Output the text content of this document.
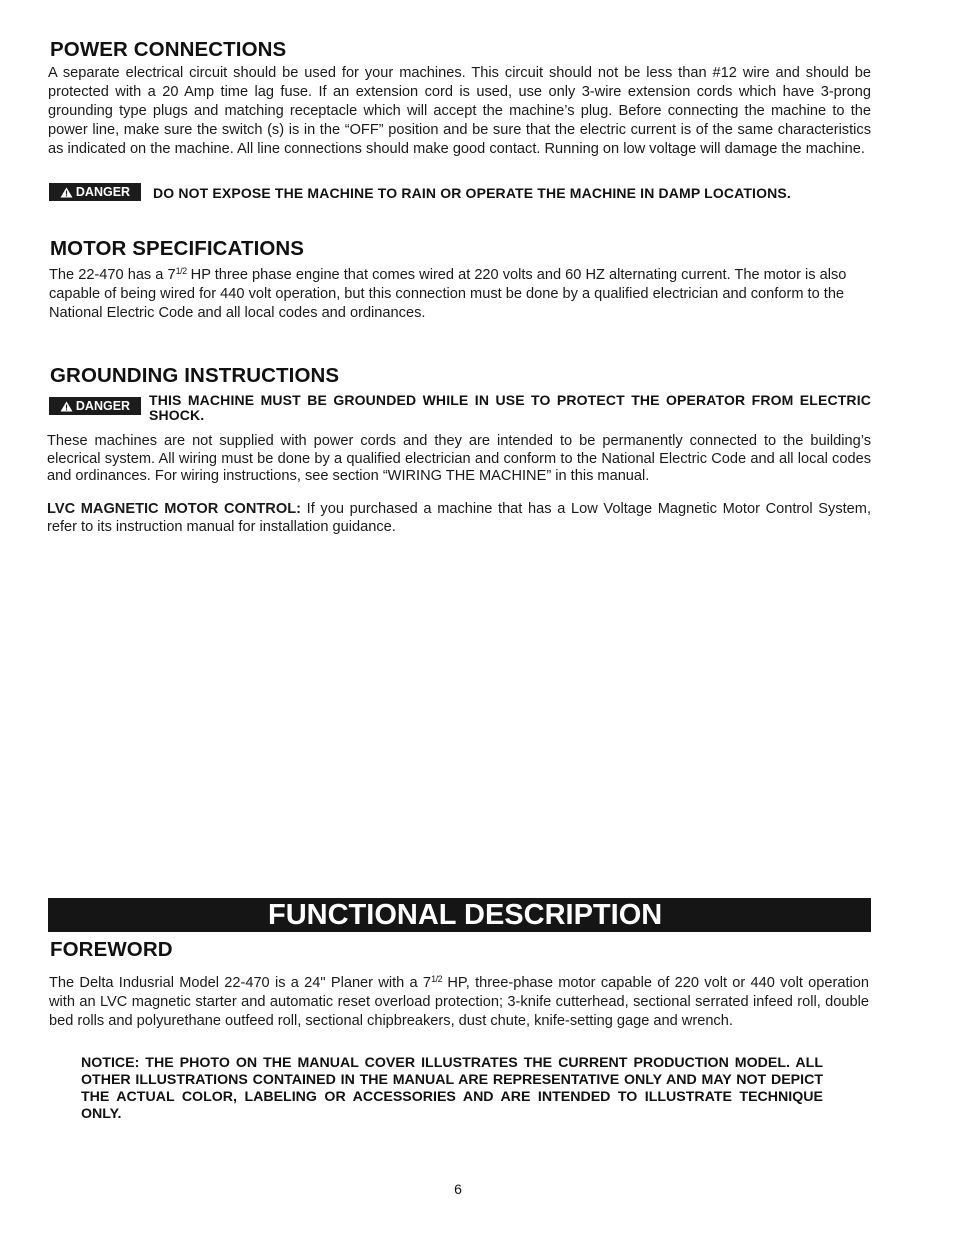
POWER CONNECTIONS

A separate electrical circuit should be used for your machines. This circuit should not be less than #12 wire and should be protected with a 20 Amp time lag fuse. If an extension cord is used, use only 3-wire extension cords which have 3-prong grounding type plugs and matching receptacle which will accept the machine’s plug. Before connecting the machine to the power line, make sure the switch (s) is in the “OFF” position and be sure that the electric current is of the same characteristics as indicated on the machine. All line connections should make good contact. Running on low voltage will damage the machine.

DANGER DO NOT EXPOSE THE MACHINE TO RAIN OR OPERATE THE MACHINE IN DAMP LOCATIONS.
MOTOR SPECIFICATIONS

The 22-470 has a $7^{1/2}$ HP three phase engine that comes wired at 220 volts and 60 HZ alternating current. The motor is also capable of being wired for 440 volt operation, but this connection must be done by a qualified electrician and conform to the National Electric Code and all local codes and ordinances.

GROUNDING INSTRUCTIONS
DANGER THIS MACHINE MUST BE GROUNDED WHILE IN USE TO PROTECT THE OPERATOR FROM ELECTRIC SHOCK.

These machines are not supplied with power cords and they are intended to be permanently connected to the building’s elecrical system. All wiring must be done by a qualified electrician and conform to the National Electric Code and all local codes and ordinances. For wiring instructions, see section “WIRING THE MACHINE” in this manual.

LVC MAGNETIC MOTOR CONTROL: If you purchased a machine that has a Low Voltage Magnetic Motor Control System, refer to its instruction manual for installation guidance.

FUNCTIONAL DESCRIPTION
FOREWORD

The Delta Indusrial Model 22-470 is a 24" Planer with a $7^{1/2}$ HP, three-phase motor capable of 220 volt or 440 volt operation with an LVC magnetic starter and automatic reset overload protection; 3-knife cutterhead, sectional serrated infeed roll, double bed rolls and polyurethane outfeed roll, sectional chipbreakers, dust chute, knife-setting gage and wrench.

NOTICE: THE PHOTO ON THE MANUAL COVER ILLUSTRATES THE CURRENT PRODUCTION MODEL. ALL OTHER ILLUSTRATIONS CONTAINED IN THE MANUAL ARE REPRESENTATIVE ONLY AND MAY NOT DEPICT THE ACTUAL COLOR, LABELING OR ACCESSORIES AND ARE INTENDED TO ILLUSTRATE TECHNIQUE ONLY.

6
